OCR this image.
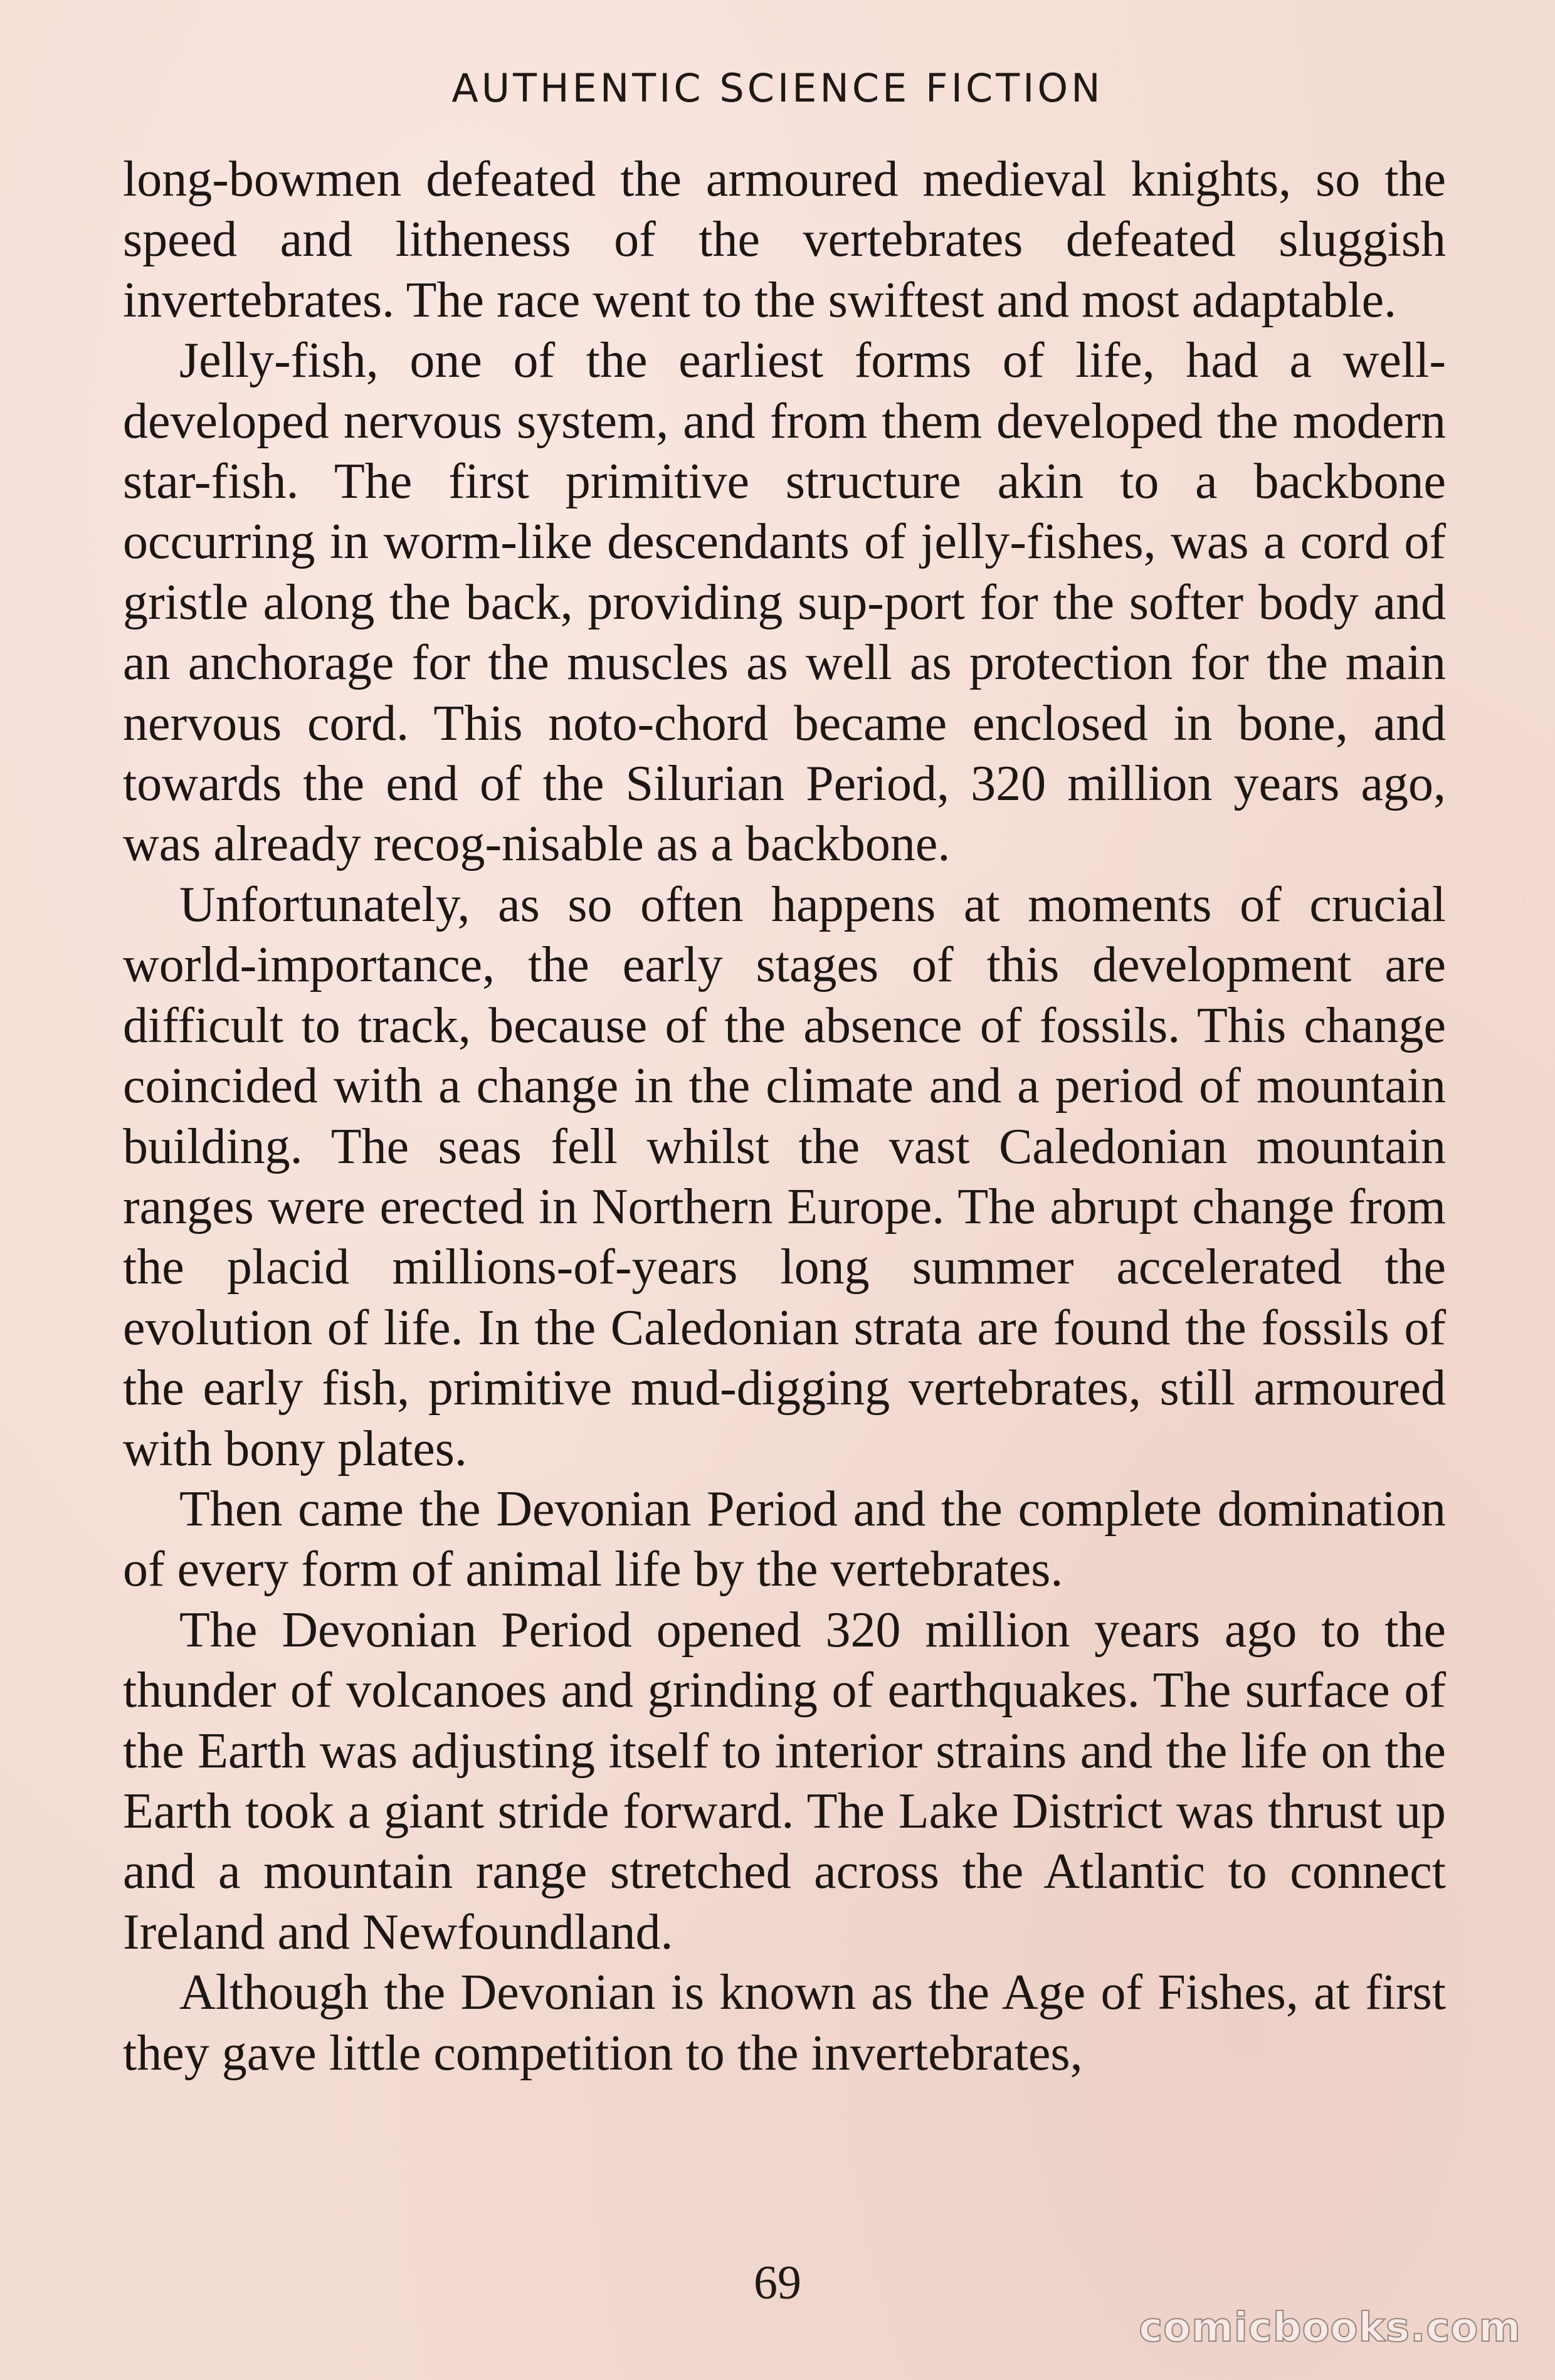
AUTHENTIC SCIENCE FICTION

long-bowmen defeated the armoured medieval knights, so the speed and litheness of the vertebrates defeated sluggish invertebrates. The race went to the swiftest and most adaptable.

Jelly-fish, one of the earliest forms of life, had a well-developed nervous system, and from them developed the modern star-fish. The first primitive structure akin to a backbone occurring in worm-like descendants of jelly-fishes, was a cord of gristle along the back, providing sup-port for the softer body and an anchorage for the muscles as well as protection for the main nervous cord. This noto-chord became enclosed in bone, and towards the end of the Silurian Period, 320 million years ago, was already recog-nisable as a backbone.

Unfortunately, as so often happens at moments of crucial world-importance, the early stages of this development are difficult to track, because of the absence of fossils. This change coincided with a change in the climate and a period of mountain building. The seas fell whilst the vast Caledonian mountain ranges were erected in Northern Europe. The abrupt change from the placid millions-of-years long summer accelerated the evolution of life. In the Caledonian strata are found the fossils of the early fish, primitive mud-digging vertebrates, still armoured with bony plates.

Then came the Devonian Period and the complete domination of every form of animal life by the vertebrates.

The Devonian Period opened 320 million years ago to the thunder of volcanoes and grinding of earthquakes. The surface of the Earth was adjusting itself to interior strains and the life on the Earth took a giant stride forward. The Lake District was thrust up and a mountain range stretched across the Atlantic to connect Ireland and Newfoundland.

Although the Devonian is known as the Age of Fishes, at first they gave little competition to the invertebrates,

69
comicbooks.com
